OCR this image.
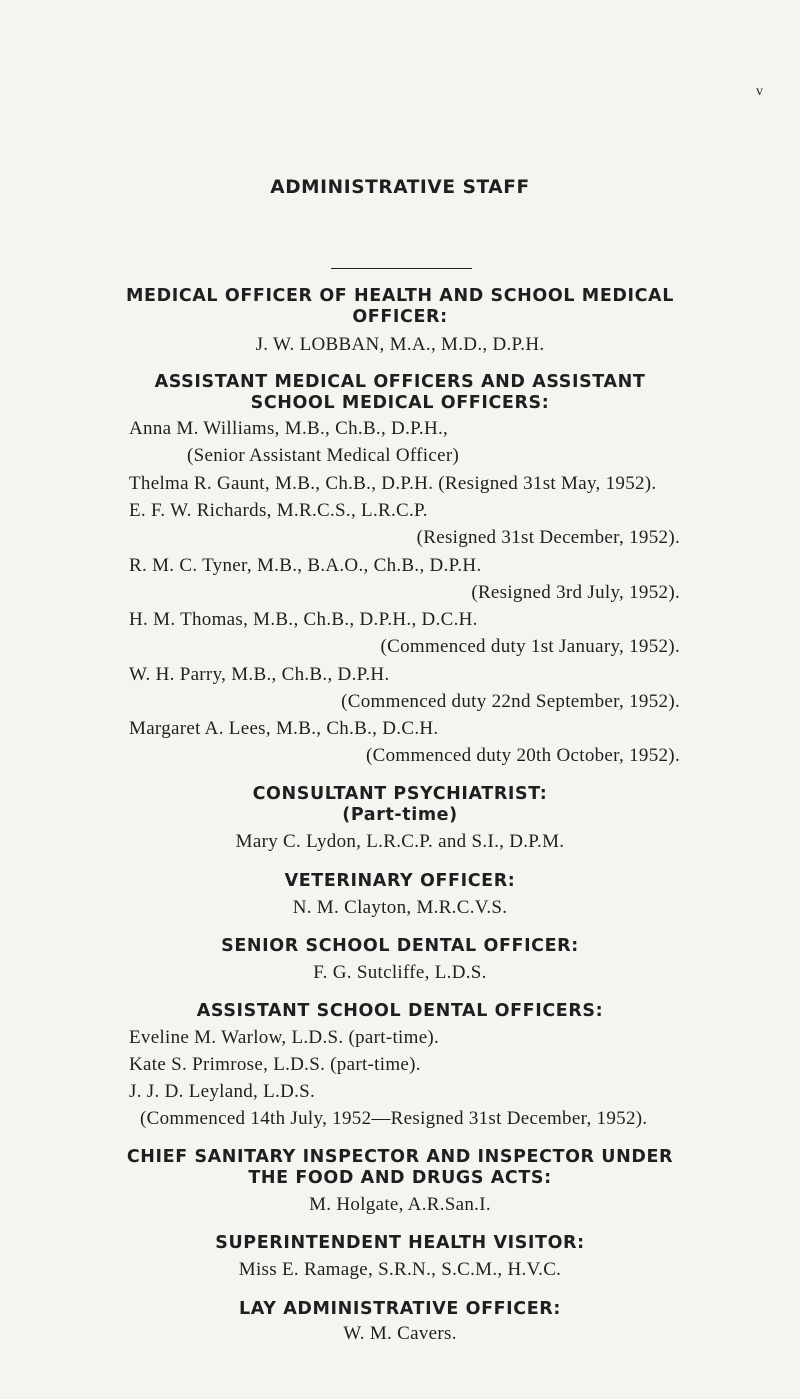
v
ADMINISTRATIVE STAFF
MEDICAL OFFICER OF HEALTH AND SCHOOL MEDICAL
OFFICER:
J. W. LOBBAN, M.A., M.D., D.P.H.
ASSISTANT MEDICAL OFFICERS AND ASSISTANT
SCHOOL MEDICAL OFFICERS:
Anna M. Williams, M.B., Ch.B., D.P.H.,
(Senior Assistant Medical Officer)
Thelma R. Gaunt, M.B., Ch.B., D.P.H. (Resigned 31st May, 1952).
E. F. W. Richards, M.R.C.S., L.R.C.P.
(Resigned 31st December, 1952).
R. M. C. Tyner, M.B., B.A.O., Ch.B., D.P.H.
(Resigned 3rd July, 1952).
H. M. Thomas, M.B., Ch.B., D.P.H., D.C.H.
(Commenced duty 1st January, 1952).
W. H. Parry, M.B., Ch.B., D.P.H.
(Commenced duty 22nd September, 1952).
Margaret A. Lees, M.B., Ch.B., D.C.H.
(Commenced duty 20th October, 1952).
CONSULTANT PSYCHIATRIST:
(Part-time)
Mary C. Lydon, L.R.C.P. and S.I., D.P.M.
VETERINARY OFFICER:
N. M. Clayton, M.R.C.V.S.
SENIOR SCHOOL DENTAL OFFICER:
F. G. Sutcliffe, L.D.S.
ASSISTANT SCHOOL DENTAL OFFICERS:
Eveline M. Warlow, L.D.S. (part-time).
Kate S. Primrose, L.D.S. (part-time).
J. J. D. Leyland, L.D.S.
(Commenced 14th July, 1952—Resigned 31st December, 1952).
CHIEF SANITARY INSPECTOR AND INSPECTOR UNDER
THE FOOD AND DRUGS ACTS:
M. Holgate, A.R.San.I.
SUPERINTENDENT HEALTH VISITOR:
Miss E. Ramage, S.R.N., S.C.M., H.V.C.
LAY ADMINISTRATIVE OFFICER:
W. M. Cavers.
